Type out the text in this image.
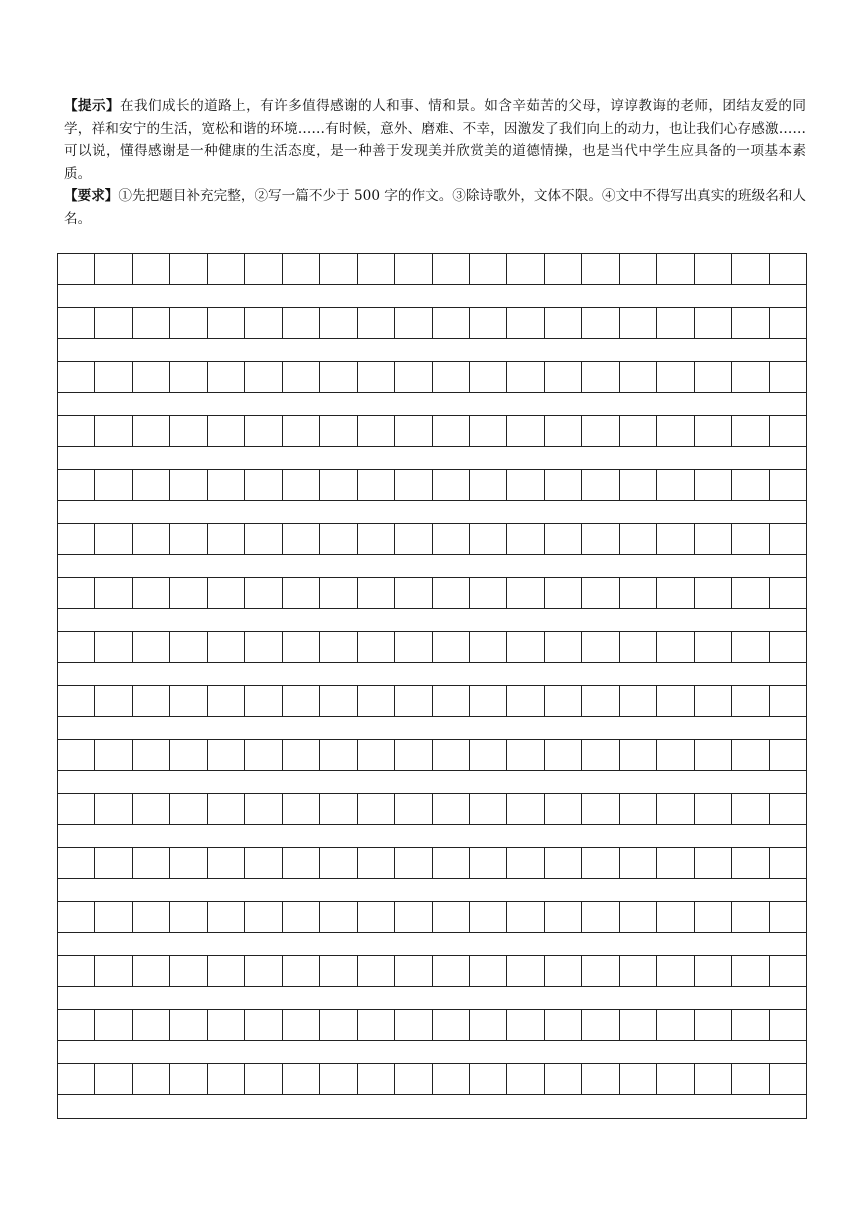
【提示】在我们成长的道路上，有许多值得感谢的人和事、情和景。如含辛茹苦的父母，谆谆教诲的老师，团结友爱的同学，祥和安宁的生活，宽松和谐的环境……有时候，意外、磨难、不幸，因激发了我们向上的动力，也让我们心存感激……可以说，懂得感谢是一种健康的生活态度，是一种善于发现美并欣赏美的道德情操，也是当代中学生应具备的一项基本素质。

【要求】①先把题目补充完整，②写一篇不少于 500 字的作文。③除诗歌外，文体不限。④文中不得写出真实的班级名和人名。
